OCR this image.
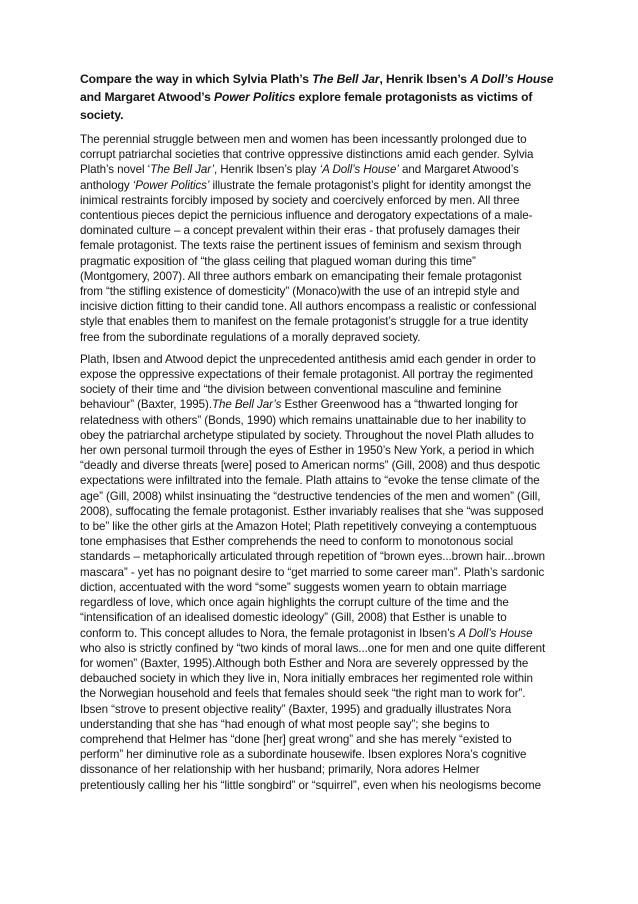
Compare the way in which Sylvia Plath’s The Bell Jar, Henrik Ibsen’s A Doll’s House
and Margaret Atwood’s Power Politics explore female protagonists as victims of
society.
The perennial struggle between men and women has been incessantly prolonged due to
corrupt patriarchal societies that contrive oppressive distinctions amid each gender. Sylvia
Plath’s novel ‘The Bell Jar’, Henrik Ibsen’s play ‘A Doll’s House’ and Margaret Atwood’s
anthology ‘Power Politics’ illustrate the female protagonist’s plight for identity amongst the
inimical restraints forcibly imposed by society and coercively enforced by men. All three
contentious pieces depict the pernicious influence and derogatory expectations of a male-
dominated culture – a concept prevalent within their eras - that profusely damages their
female protagonist. The texts raise the pertinent issues of feminism and sexism through
pragmatic exposition of “the glass ceiling that plagued woman during this time”
(Montgomery, 2007). All three authors embark on emancipating their female protagonist
from “the stifling existence of domesticity” (Monaco)with the use of an intrepid style and
incisive diction fitting to their candid tone. All authors encompass a realistic or confessional
style that enables them to manifest on the female protagonist’s struggle for a true identity
free from the subordinate regulations of a morally depraved society.
Plath, Ibsen and Atwood depict the unprecedented antithesis amid each gender in order to
expose the oppressive expectations of their female protagonist. All portray the regimented
society of their time and “the division between conventional masculine and feminine
behaviour” (Baxter, 1995).The Bell Jar’s Esther Greenwood has a “thwarted longing for
relatedness with others” (Bonds, 1990) which remains unattainable due to her inability to
obey the patriarchal archetype stipulated by society. Throughout the novel Plath alludes to
her own personal turmoil through the eyes of Esther in 1950’s New York, a period in which
“deadly and diverse threats [were] posed to American norms” (Gill, 2008) and thus despotic
expectations were infiltrated into the female. Plath attains to “evoke the tense climate of the
age” (Gill, 2008) whilst insinuating the “destructive tendencies of the men and women” (Gill,
2008), suffocating the female protagonist. Esther invariably realises that she “was supposed
to be” like the other girls at the Amazon Hotel; Plath repetitively conveying a contemptuous
tone emphasises that Esther comprehends the need to conform to monotonous social
standards – metaphorically articulated through repetition of “brown eyes...brown hair...brown
mascara” - yet has no poignant desire to “get married to some career man”. Plath’s sardonic
diction, accentuated with the word “some” suggests women yearn to obtain marriage
regardless of love, which once again highlights the corrupt culture of the time and the
“intensification of an idealised domestic ideology” (Gill, 2008) that Esther is unable to
conform to. This concept alludes to Nora, the female protagonist in Ibsen’s A Doll’s House
who also is strictly confined by “two kinds of moral laws...one for men and one quite different
for women” (Baxter, 1995).Although both Esther and Nora are severely oppressed by the
debauched society in which they live in, Nora initially embraces her regimented role within
the Norwegian household and feels that females should seek “the right man to work for”.
Ibsen “strove to present objective reality” (Baxter, 1995) and gradually illustrates Nora
understanding that she has “had enough of what most people say”; she begins to
comprehend that Helmer has “done [her] great wrong” and she has merely “existed to
perform” her diminutive role as a subordinate housewife. Ibsen explores Nora’s cognitive
dissonance of her relationship with her husband; primarily, Nora adores Helmer
pretentiously calling her his “little songbird” or “squirrel”, even when his neologisms become
